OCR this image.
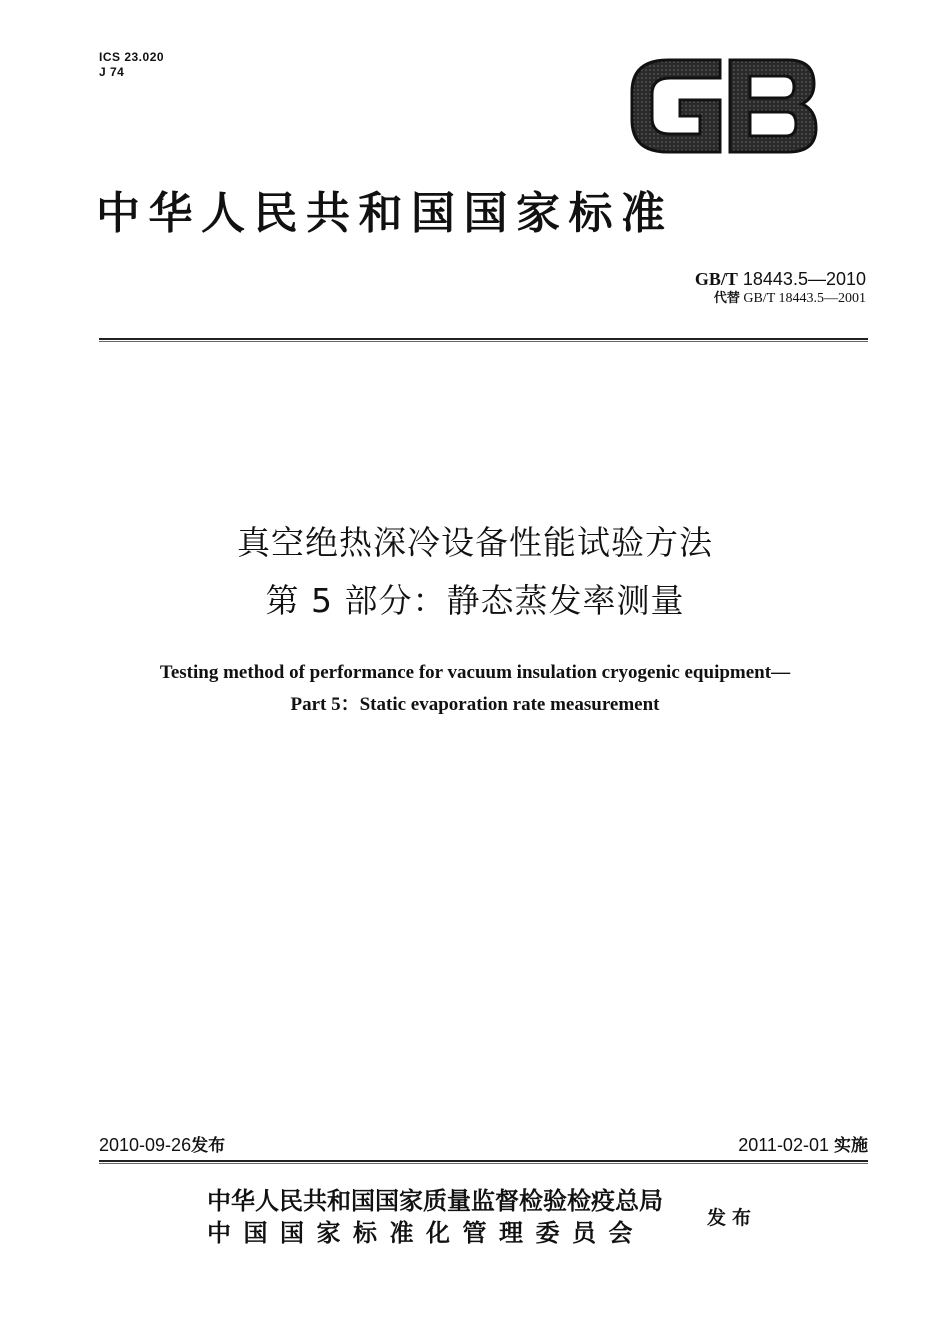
ICS 23.020
J 74
中华人民共和国国家标准
GB/T 18443.5—2010
代替 GB/T 18443.5—2001
真空绝热深冷设备性能试验方法
第 5 部分：静态蒸发率测量
Testing method of performance for vacuum insulation cryogenic equipment—
Part 5：Static evaporation rate measurement
2010-09-26发布	2011-02-01 实施
中华人民共和国国家质量监督检验检疫总局
中国国家标准化管理委员会
发布
